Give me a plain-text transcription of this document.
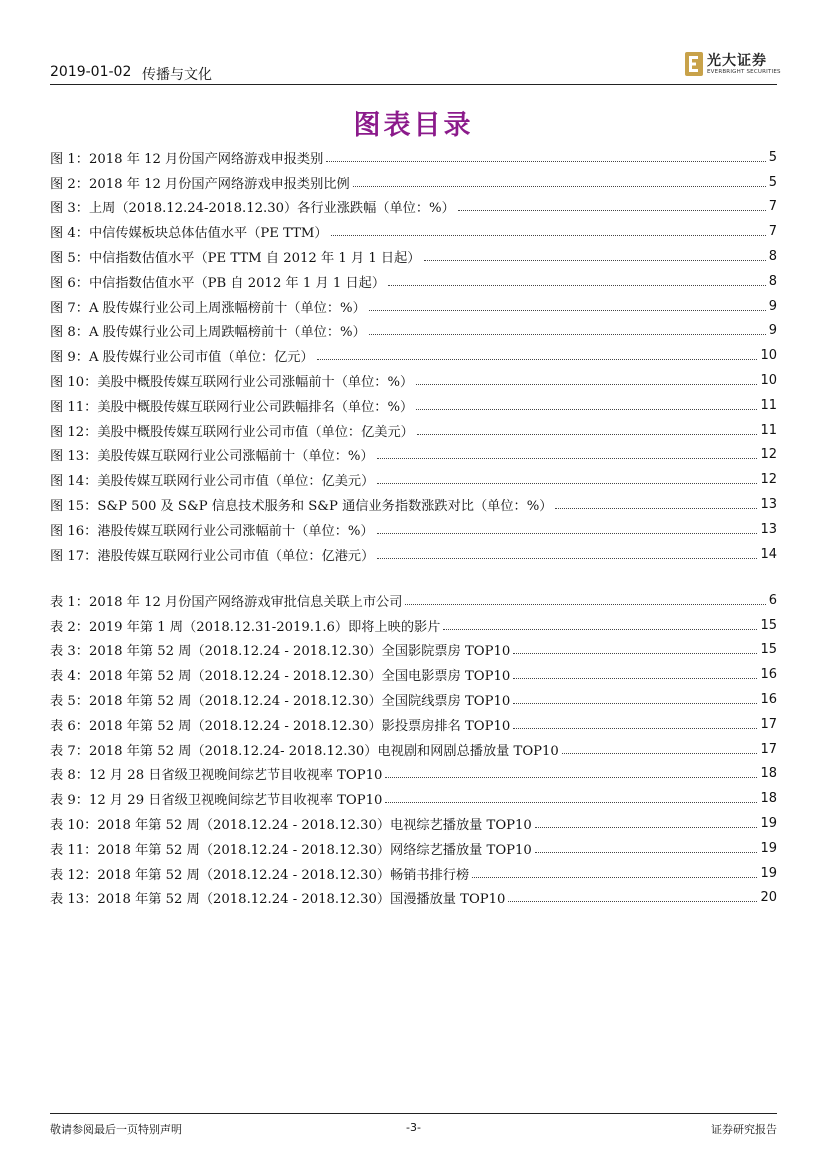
2019-01-02 传播与文化
光大证券
EVERBRIGHT SECURITIES
图表目录
图 1：2018 年 12 月份国产网络游戏申报类别	5
图 2：2018 年 12 月份国产网络游戏申报类别比例	5
图 3：上周（2018.12.24-2018.12.30）各行业涨跌幅（单位：%）	7
图 4：中信传媒板块总体估值水平（PE TTM）	7
图 5：中信指数估值水平（PE TTM 自 2012 年 1 月 1 日起）	8
图 6：中信指数估值水平（PB 自 2012 年 1 月 1 日起）	8
图 7：A 股传媒行业公司上周涨幅榜前十（单位：%）	9
图 8：A 股传媒行业公司上周跌幅榜前十（单位：%）	9
图 9：A 股传媒行业公司市值（单位：亿元）	10
图 10：美股中概股传媒互联网行业公司涨幅前十（单位：%）	10
图 11：美股中概股传媒互联网行业公司跌幅排名（单位：%）	11
图 12：美股中概股传媒互联网行业公司市值（单位：亿美元）	11
图 13：美股传媒互联网行业公司涨幅前十（单位：%）	12
图 14：美股传媒互联网行业公司市值（单位：亿美元）	12
图 15：S&P 500 及 S&P 信息技术服务和 S&P 通信业务指数涨跌对比（单位：%）	13
图 16：港股传媒互联网行业公司涨幅前十（单位：%）	13
图 17：港股传媒互联网行业公司市值（单位：亿港元）	14
表 1：2018 年 12 月份国产网络游戏审批信息关联上市公司	6
表 2：2019 年第 1 周（2018.12.31-2019.1.6）即将上映的影片	15
表 3：2018 年第 52 周（2018.12.24 - 2018.12.30）全国影院票房 TOP10	15
表 4：2018 年第 52 周（2018.12.24 - 2018.12.30）全国电影票房 TOP10	16
表 5：2018 年第 52 周（2018.12.24 - 2018.12.30）全国院线票房 TOP10	16
表 6：2018 年第 52 周（2018.12.24 - 2018.12.30）影投票房排名 TOP10	17
表 7：2018 年第 52 周（2018.12.24- 2018.12.30）电视剧和网剧总播放量 TOP10	17
表 8：12 月 28 日省级卫视晚间综艺节目收视率 TOP10	18
表 9：12 月 29 日省级卫视晚间综艺节目收视率 TOP10	18
表 10：2018 年第 52 周（2018.12.24 - 2018.12.30）电视综艺播放量 TOP10	19
表 11：2018 年第 52 周（2018.12.24 - 2018.12.30）网络综艺播放量 TOP10	19
表 12：2018 年第 52 周（2018.12.24 - 2018.12.30）畅销书排行榜	19
表 13：2018 年第 52 周（2018.12.24 - 2018.12.30）国漫播放量 TOP10	20
敬请参阅最后一页特别声明	-3-	证券研究报告
